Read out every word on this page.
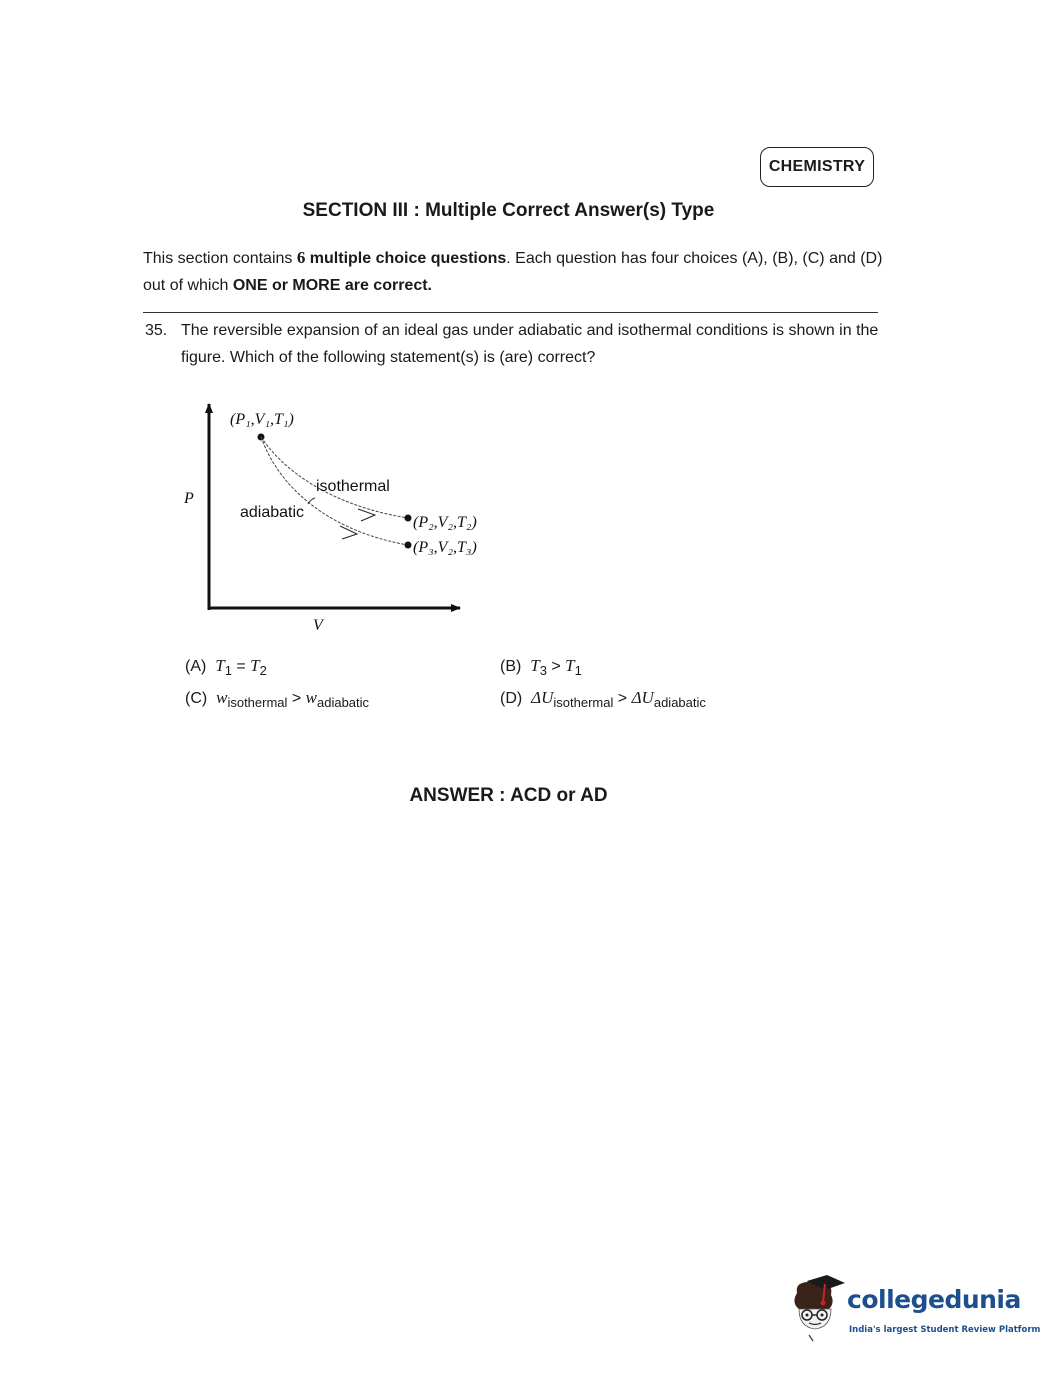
CHEMISTRY
SECTION III : Multiple Correct Answer(s) Type
This section contains 6 multiple choice questions. Each question has four choices (A), (B), (C) and (D) out of which ONE or MORE are correct.
35. The reversible expansion of an ideal gas under adiabatic and isothermal conditions is shown in the figure. Which of the following statement(s) is (are) correct?
P
V
(P₁,V₁,T₁)
isothermal
adiabatic
(P₂,V₂,T₂)
(P₃,V₂,T₃)
(A) $T_1 = T_2$	(B) $T_3 > T_1$
(C) $w_{isothermal} > w_{adiabatic}$	(D) $\Delta U_{isothermal} > \Delta U_{adiabatic}$
ANSWER : ACD or AD
collegedunia
India's largest Student Review Platform
